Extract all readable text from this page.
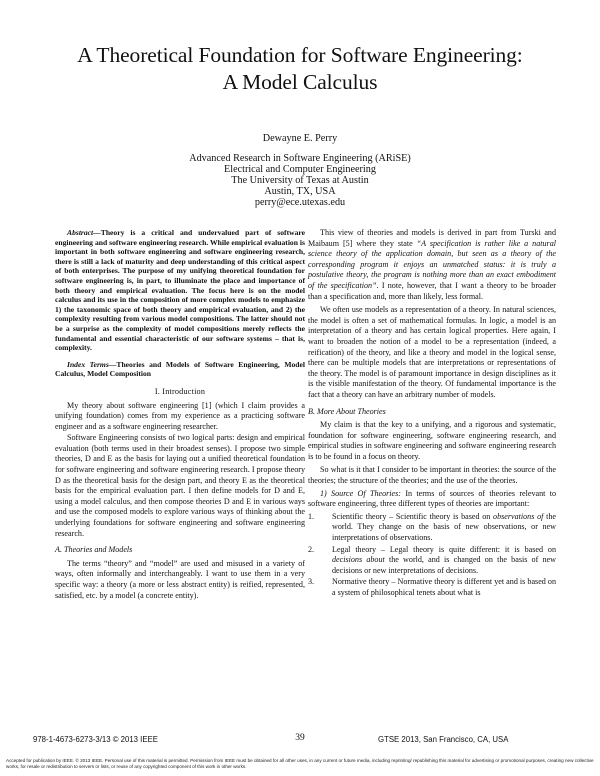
A Theoretical Foundation for Software Engineering:
A Model Calculus
Dewayne E. Perry
Advanced Research in Software Engineering (ARiSE)
Electrical and Computer Engineering
The University of Texas at Austin
Austin, TX, USA
perry@ece.utexas.edu

Abstract—Theory is a critical and undervalued part of software engineering and software engineering research. While empirical evaluation is important in both software engineering and software engineering research, there is still a lack of maturity and deep understanding of this critical aspect of both enterprises. The purpose of my unifying theoretical foundation for software engineering is, in part, to illuminate the place and importance of both theory and empirical evaluation. The focus here is on the model calculus and its use in the composition of more complex models to emphasize 1) the taxonomic space of both theory and empirical evaluation, and 2) the complexity resulting from various model compositions. The latter should not be a surprise as the complexity of model compositions merely reflects the fundamental and essential characteristic of our software systems – that is, complexity.

Index Terms—Theories and Models of Software Engineering, Model Calculus, Model Composition

I. Introduction

My theory about software engineering [1] (which I claim provides a unifying foundation) comes from my experience as a practicing software engineer and as a software engineering researcher.

Software Engineering consists of two logical parts: design and empirical evaluation (both terms used in their broadest senses). I propose two simple theories, D and E as the basis for laying out a unified theoretical foundation for software engineering and software engineering research. I propose theory D as the theoretical basis for the design part, and theory E as the theoretical basis for the empirical evaluation part. I then define models for D and E, using a model calculus, and then compose theories D and E in various ways and use the composed models to explore various ways of thinking about the underlying foundations for software engineering and software engineering research.

A. Theories and Models

The terms “theory” and “model” are used and misused in a variety of ways, often informally and interchangeably. I want to use them in a very specific way: a theory (a more or less abstract entity) is reified, represented, satisfied, etc. by a model (a concrete entity).

This view of theories and models is derived in part from Turski and Maibaum [5] where they state “A specification is rather like a natural science theory of the application domain, but seen as a theory of the corresponding program it enjoys an unmatched status: it is truly a postulative theory, the program is nothing more than an exact embodiment of the specification”. I note, however, that I want a theory to be broader than a specification and, more than likely, less formal.

We often use models as a representation of a theory. In natural sciences, the model is often a set of mathematical formulas. In logic, a model is an interpretation of a theory and has certain logical properties. Here again, I want to broaden the notion of a model to be a representation (indeed, a reification) of the theory, and like a theory and model in the logical sense, there can be multiple models that are interpretations or representations of the theory. The model is of paramount importance in design disciplines as it is the visible manifestation of the theory. Of fundamental importance is the fact that a theory can have an arbitrary number of models.

B. More About Theories

My claim is that the key to a unifying, and a rigorous and systematic, foundation for software engineering, software engineering research, and empirical studies in software engineering and software engineering research is to be found in a focus on theory.

So what is it that I consider to be important in theories: the source of the theories; the structure of the theories; and the use of the theories.

1) Source Of Theories: In terms of sources of theories relevant to software engineering, three different types of theories are important:

1. Scientific theory – Scientific theory is based on observations of the world. They change on the basis of new observations, or new interpretations of observations.
2. Legal theory – Legal theory is quite different: it is based on decisions about the world, and is changed on the basis of new decisions or new interpretations of decisions.
3. Normative theory – Normative theory is different yet and is based on a system of philosophical tenets about what is
978-1-4673-6273-3/13 © 2013 IEEE	39	GTSE 2013, San Francisco, CA, USA
Accepted for publication by IEEE. © 2013 IEEE. Personal use of this material is permitted. Permission from IEEE must be obtained for all other uses, in any current or future media, including reprinting/ republishing this material for advertising or promotional purposes, creating new collective works, for resale or redistribution to servers or lists, or reuse of any copyrighted component of this work in other works.
